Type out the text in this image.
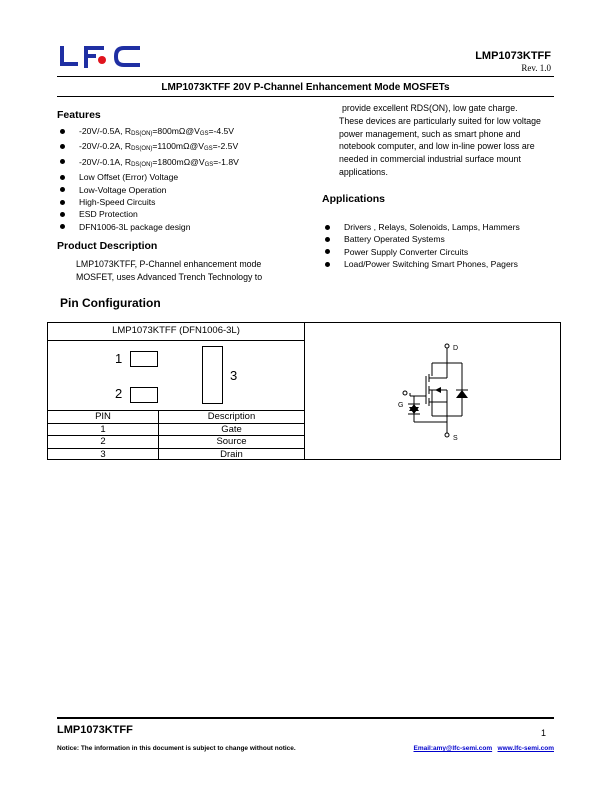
LMP1073KTFF
Rev. 1.0
LMP1073KTFF 20V P-Channel Enhancement Mode MOSFETs
Features
-20V/-0.5A, RDS(ON)=800mΩ@VGS=-4.5V
-20V/-0.2A, RDS(ON)=1100mΩ@VGS=-2.5V
-20V/-0.1A, RDS(ON)=1800mΩ@VGS=-1.8V
Low Offset (Error) Voltage
Low-Voltage Operation
High-Speed Circuits
ESD Protection
DFN1006-3L package design
Product Description
LMP1073KTFF, P-Channel enhancement mode
MOSFET, uses Advanced Trench Technology to
provide excellent RDS(ON), low gate charge.
These devices are particularly suited for low voltage
power management, such as smart phone and
notebook computer, and low in-line power loss are
needed in commercial industrial surface mount
applications.
Applications
Drivers , Relays, Solenoids, Lamps, Hammers
Battery Operated Systems
Power Supply Converter Circuits
Load/Power Switching Smart Phones, Pagers
Pin Configuration
LMP1073KTFF (DFN1006-3L)
1
2
3
PIN	Description
1	Gate
2	Source
3	Drain
D
G
S
LMP1073KTFF	1
Notice: The information in this document is subject to change without notice.	Email:amy@lfc-semi.com www.lfc-semi.com
